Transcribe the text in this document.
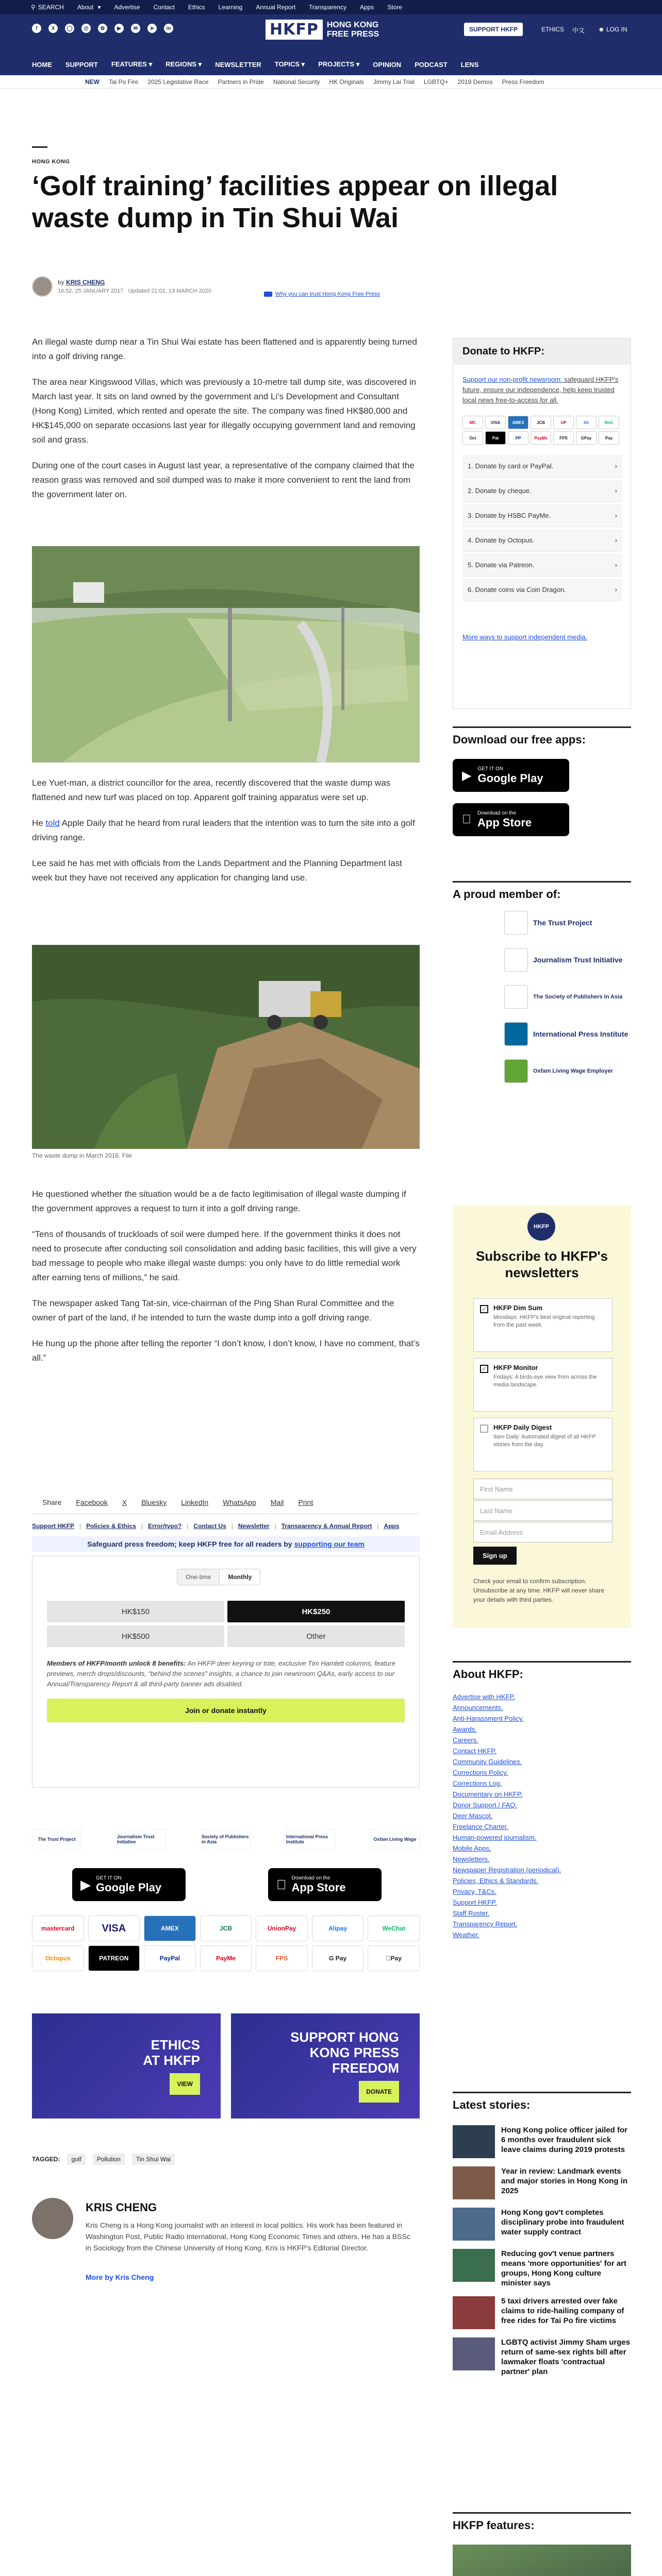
⚲ SEARCH About ▾ Advertise Contact Ethics Learning Annual Report Transparency Apps Store
f	X	◯	@	✿	▶	✉	➤	in	HKFP	HONG KONG
FREE PRESS
SUPPORT HKFP	ETHICS 中文 ☻ LOG IN
HOME SUPPORT FEATURES ▾ REGIONS ▾ NEWSLETTER TOPICS ▾ PROJECTS ▾ OPINION PODCAST LENS
NEW Tai Po Fire 2025 Legislative Race Partners in Pride National Security HK Originals Jimmy Lai Trial LGBTQ+ 2019 Demos Press Freedom
HONG KONG
‘Golf training’ facilities appear on illegal waste dump in Tin Shui Wai
by KRIS CHENG
16:52, 25 JANUARY 2017 Updated 21:01, 13 MARCH 2020	Why you can trust Hong Kong Free Press

An illegal waste dump near a Tin Shui Wai estate has been flattened and is apparently being turned into a golf driving range.

The area near Kingswood Villas, which was previously a 10-metre tall dump site, was discovered in March last year. It sits on land owned by the government and Li's Development and Consultant (Hong Kong) Limited, which rented and operate the site. The company was fined HK$80,000 and HK$145,000 on separate occasions last year for illegally occupying government land and removing soil and grass.

During one of the court cases in August last year, a representative of the company claimed that the reason grass was removed and soil dumped was to make it more convenient to rent the land from the government later on.

Lee Yuet-man, a district councillor for the area, recently discovered that the waste dump was flattened and new turf was placed on top. Apparent golf training apparatus were set up.

He told Apple Daily that he heard from rural leaders that the intention was to turn the site into a golf driving range.

Lee said he has met with officials from the Lands Department and the Planning Department last week but they have not received any application for changing land use.

The waste dump in March 2016. File

He questioned whether the situation would be a de facto legitimisation of illegal waste dumping if the government approves a request to turn it into a golf driving range.

“Tens of thousands of truckloads of soil were dumped here. If the government thinks it does not need to prosecute after conducting soil consolidation and adding basic facilities, this will give a very bad message to people who make illegal waste dumps: you only have to do little remedial work after earning tens of millions,” he said.

The newspaper asked Tang Tat-sin, vice-chairman of the Ping Shan Rural Committee and the owner of part of the land, if he intended to turn the waste dump into a golf driving range.

He hung up the phone after telling the reporter “I don’t know, I don’t know, I have no comment, that’s all.”

Share Facebook X Bluesky LinkedIn WhatsApp Mail Print
Support HKFP | Policies & Ethics | Error/typo? | Contact Us | Newsletter | Transparency & Annual Report | Apps
Safeguard press freedom; keep HKFP free for all readers by supporting our team
One-time	Monthly
HK$150	HK$250
HK$500	Other
Members of HKFP/month unlock 8 benefits: An HKFP deer keyring or tote, exclusive Tim Hamlett columns, feature previews, merch drops/discounts, “behind the scenes” insights, a chance to join newsroom Q&As, early access to our Annual/Transparency Report & all third-party banner ads disabled.
Join or donate instantly
The Trust Project	Journalism Trust Initiative
Society of Publishers in Asia
International Press Institute	Oxfam Living Wage
▶ GET IT ON
Google Play
Download on the
App Store
mastercard	VISA	AMEX	JCB	UnionPay	Alipay	WeChat
Octopus	PATREON	PayPal	PayMe	FPS	G Pay	Pay
ETHICS
AT HKFP
VIEW
SUPPORT HONG
KONG PRESS
FREEDOM
DONATE
TAGGED:	golf	Pollution	Tin Shui Wai
KRIS CHENG
Kris Cheng is a Hong Kong journalist with an interest in local politics. His work has been featured in Washington Post, Public Radio International, Hong Kong Economic Times and others. He has a BSSc in Sociology from the Chinese University of Hong Kong. Kris is HKFP's Editorial Director.
More by Kris Cheng
Donate to HKFP:
Support our non-profit newsroom: safeguard HKFP's future, ensure our independence, help keep trusted local news free-to-access for all.
MC	VISA	AMEX	JCB	UP	Ali	WeC
Oct	Pat	PP	PayMe	FPS	GPay	Pay
1. Donate by card or PayPal.	›
2. Donate by cheque.	›
3. Donate by HSBC PayMe.	›
4. Donate by Octopus.	›
5. Donate via Patreon.	›
6. Donate coins via Coin Dragon.	›
More ways to support independent media.
Download our free apps:
▶ GET IT ON
Google Play
Download on the
App Store
A proud member of:
The Trust Project
Journalism Trust Initiative
The Society of Publishers in Asia
International Press Institute
Oxfam Living Wage Employer
HKFP
Subscribe to HKFP's newsletters
✓ HKFP Dim Sum
Mondays: HKFP's best original reporting from the past week.
✓ HKFP Monitor
Fridays: A birds-eye view from across the media landscape.
HKFP Daily Digest
9am Daily: Automated digest of all HKFP stories from the day.
First Name
Last Name
Email Address
Sign up
Check your email to confirm subscription. Unsubscribe at any time. HKFP will never share your details with third parties.
About HKFP:
Advertise with HKFP.
Announcements.
Anti-Harassment Policy.
Awards.
Careers.
Contact HKFP.
Community Guidelines.
Corrections Policy.
Corrections Log.
Documentary on HKFP.
Donor Support / FAQ.
Deer Mascot.
Freelance Charter.
Human-powered journalism.
Mobile Apps.
Newsletters.
Newspaper Registration (periodical).
Policies, Ethics & Standards.
Privacy, T&Cs.
Support HKFP.
Staff Roster.
Transparency Report.
Weather.
Latest stories:
Hong Kong police officer jailed for 6 months over fraudulent sick leave claims during 2019 protests
Year in review: Landmark events and major stories in Hong Kong in 2025
Hong Kong gov't completes disciplinary probe into fraudulent water supply contract
Reducing gov't venue partners means 'more opportunities' for art groups, Hong Kong culture minister says
5 taxi drivers arrested over fake claims to ride-hailing company of free rides for Tai Po fire victims
LGBTQ activist Jimmy Sham urges return of same-sex rights bill after lawmaker floats 'contractual partner' plan
HKFP features:
